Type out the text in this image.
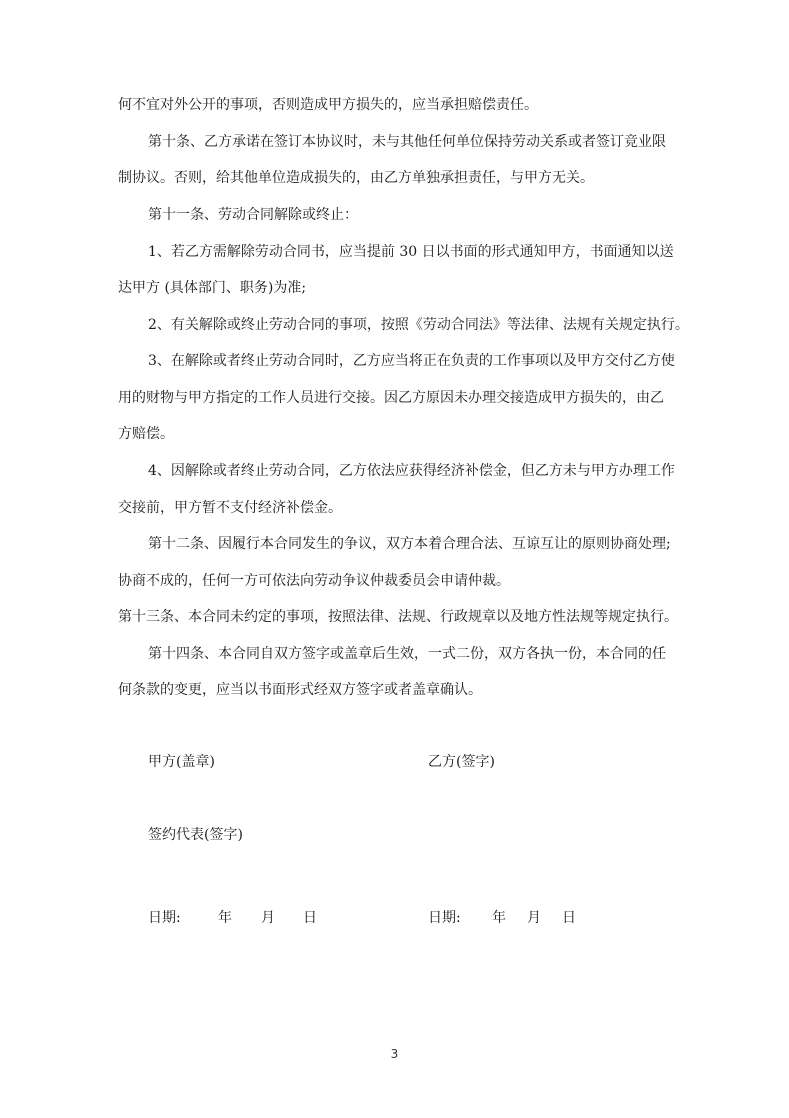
何不宜对外公开的事项，否则造成甲方损失的，应当承担赔偿责任。
第十条、乙方承诺在签订本协议时，未与其他任何单位保持劳动关系或者签订竞业限
制协议。否则，给其他单位造成损失的，由乙方单独承担责任，与甲方无关。
第十一条、劳动合同解除或终止：
1、若乙方需解除劳动合同书，应当提前 30 日以书面的形式通知甲方，书面通知以送
达甲方 (具体部门、职务)为准;
2、有关解除或终止劳动合同的事项，按照《劳动合同法》等法律、法规有关规定执行。
3、在解除或者终止劳动合同时，乙方应当将正在负责的工作事项以及甲方交付乙方使
用的财物与甲方指定的工作人员进行交接。因乙方原因未办理交接造成甲方损失的，由乙
方赔偿。
4、因解除或者终止劳动合同，乙方依法应获得经济补偿金，但乙方未与甲方办理工作
交接前，甲方暂不支付经济补偿金。
第十二条、因履行本合同发生的争议，双方本着合理合法、互谅互让的原则协商处理;
协商不成的，任何一方可依法向劳动争议仲裁委员会申请仲裁。
第十三条、本合同未约定的事项，按照法律、法规、行政规章以及地方性法规等规定执行。
第十四条、本合同自双方签字或盖章后生效，一式二份，双方各执一份，本合同的任
何条款的变更，应当以书面形式经双方签字或者盖章确认。
甲方(盖章)	乙方(签字)
签约代表(签字)
日期:	年 月 日	日期: 年 月 日
3
